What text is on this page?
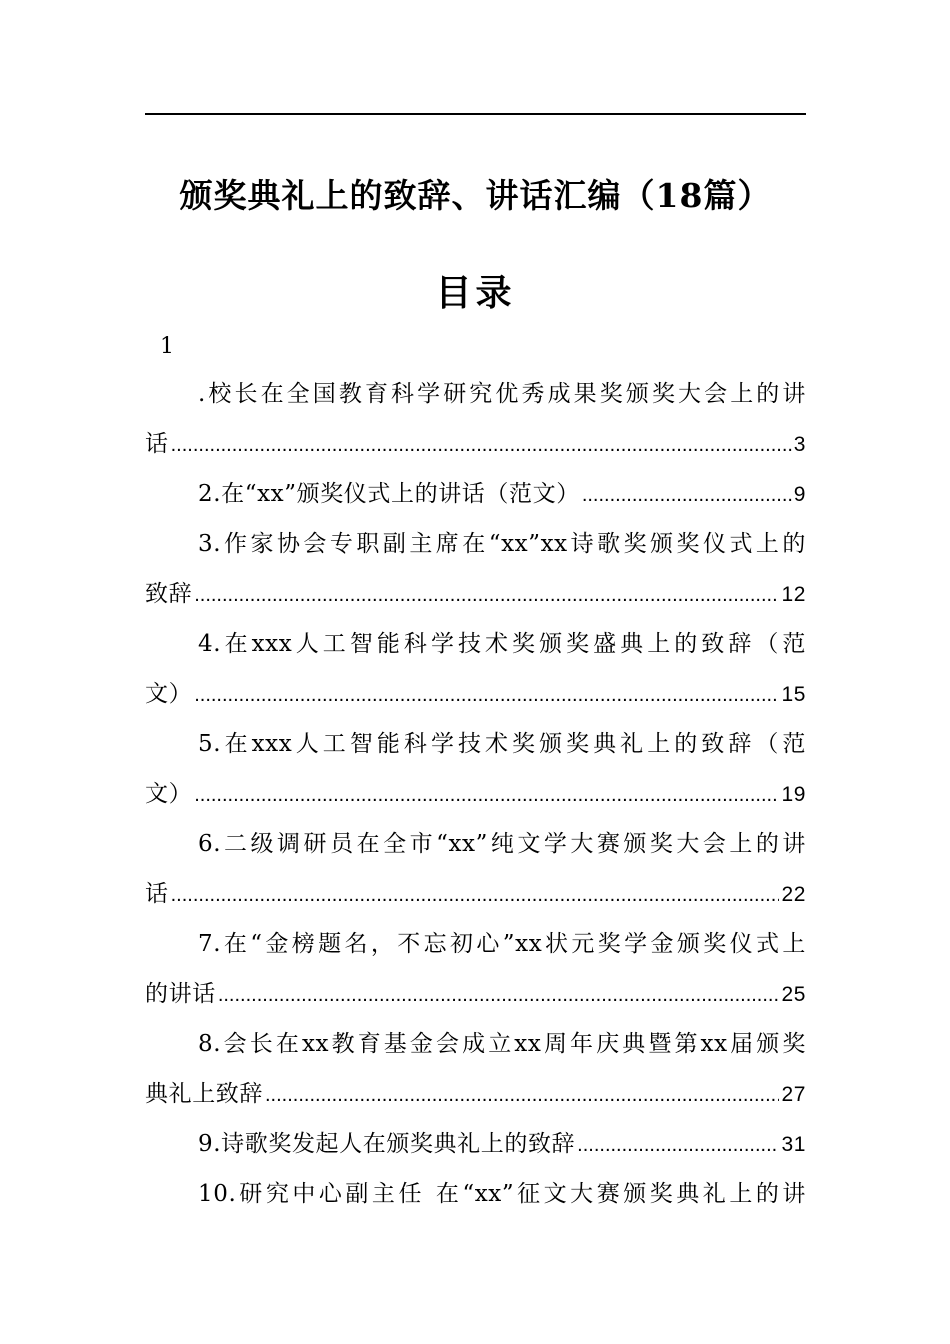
颁奖典礼上的致辞、讲话汇编（18篇）
目录
1
.校长在全国教育科学研究优秀成果奖颁奖大会上的讲
话 .....	3
2.在“xx”颁奖仪式上的讲话（范文） .....	9
3.作家协会专职副主席在“xx”xx诗歌奖颁奖仪式上的
致辞 .....	12
4.在xxx人工智能科学技术奖颁奖盛典上的致辞（范
文） .....	15
5.在xxx人工智能科学技术奖颁奖典礼上的致辞（范
文） .....	19
6.二级调研员在全市“xx”纯文学大赛颁奖大会上的讲
话 .....	22
7.在“金榜题名，不忘初心”xx状元奖学金颁奖仪式上
的讲话 .....	25
8.会长在xx教育基金会成立xx周年庆典暨第xx届颁奖
典礼上致辞 .....	27
9.诗歌奖发起人在颁奖典礼上的致辞 .....	31
10.研究中心副主任 在“xx”征文大赛颁奖典礼上的讲
